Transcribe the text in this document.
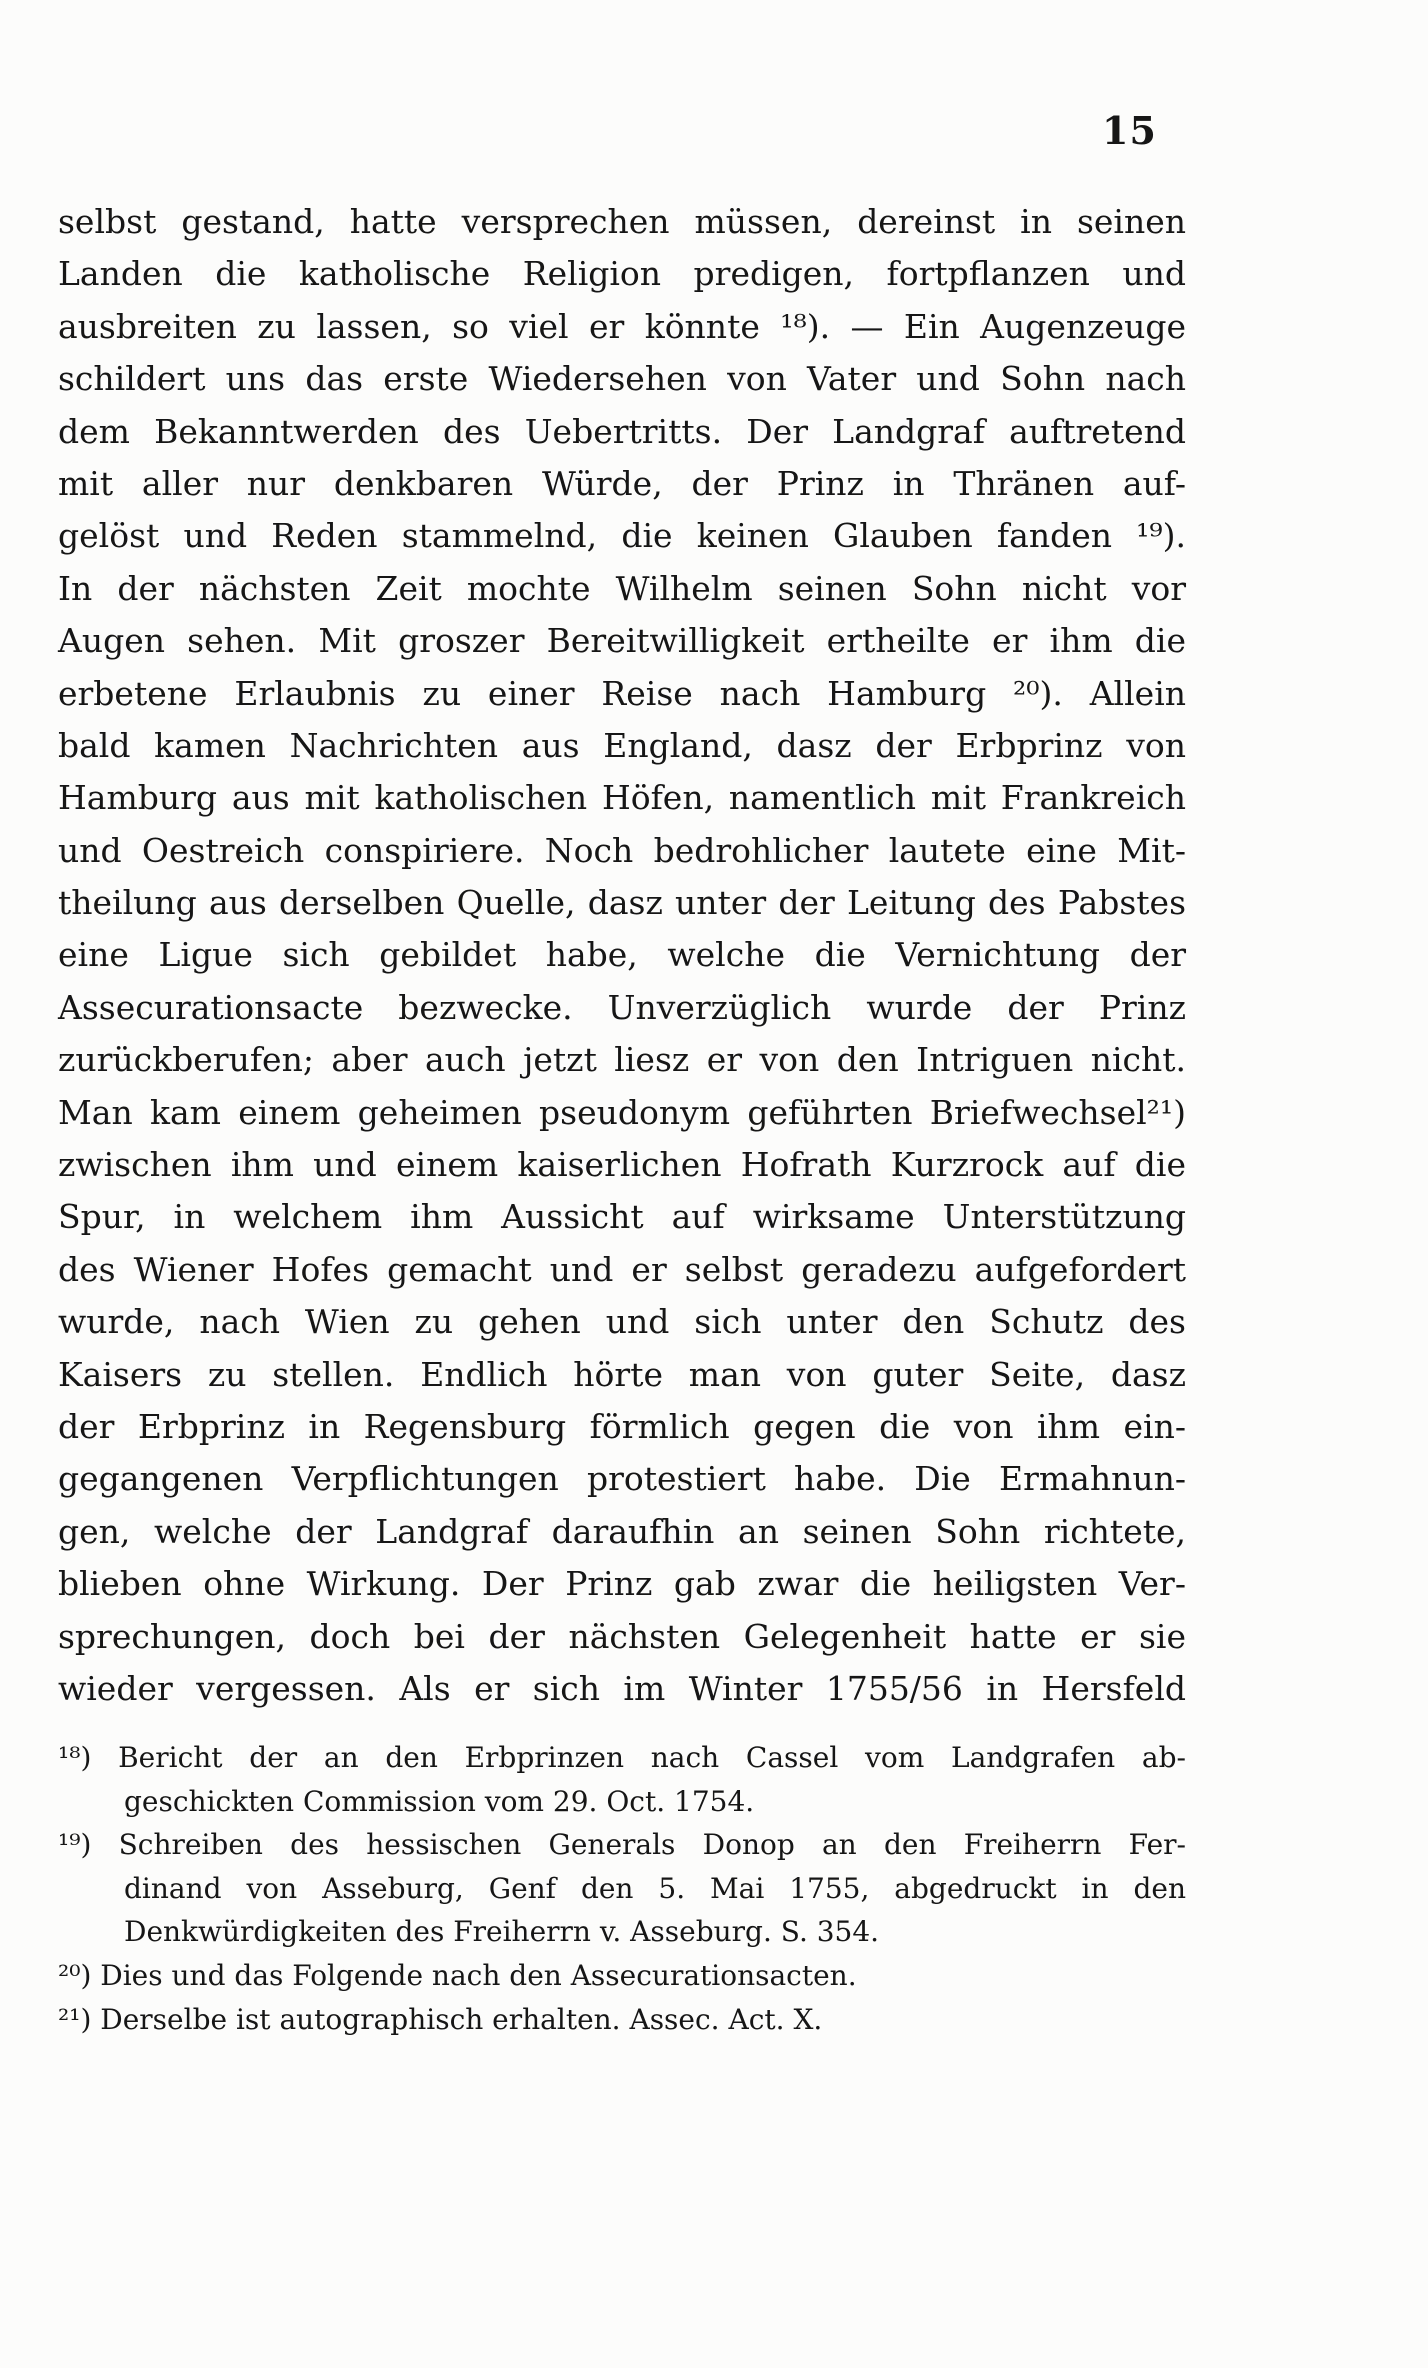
15
selbst gestand, hatte versprechen müssen, dereinst in seinen
Landen die katholische Religion predigen, fortpflanzen und
ausbreiten zu lassen, so viel er könnte ¹⁸). — Ein Augenzeuge
schildert uns das erste Wiedersehen von Vater und Sohn nach
dem Bekanntwerden des Uebertritts. Der Landgraf auftretend
mit aller nur denkbaren Würde, der Prinz in Thränen auf-
gelöst und Reden stammelnd, die keinen Glauben fanden ¹⁹).
In der nächsten Zeit mochte Wilhelm seinen Sohn nicht vor
Augen sehen. Mit groszer Bereitwilligkeit ertheilte er ihm die
erbetene Erlaubnis zu einer Reise nach Hamburg ²⁰). Allein
bald kamen Nachrichten aus England, dasz der Erbprinz von
Hamburg aus mit katholischen Höfen, namentlich mit Frankreich
und Oestreich conspiriere. Noch bedrohlicher lautete eine Mit-
theilung aus derselben Quelle, dasz unter der Leitung des Pabstes
eine Ligue sich gebildet habe, welche die Vernichtung der
Assecurationsacte bezwecke. Unverzüglich wurde der Prinz
zurückberufen; aber auch jetzt liesz er von den Intriguen nicht.
Man kam einem geheimen pseudonym geführten Briefwechsel²¹)
zwischen ihm und einem kaiserlichen Hofrath Kurzrock auf die
Spur, in welchem ihm Aussicht auf wirksame Unterstützung
des Wiener Hofes gemacht und er selbst geradezu aufgefordert
wurde, nach Wien zu gehen und sich unter den Schutz des
Kaisers zu stellen. Endlich hörte man von guter Seite, dasz
der Erbprinz in Regensburg förmlich gegen die von ihm ein-
gegangenen Verpflichtungen protestiert habe. Die Ermahnun-
gen, welche der Landgraf daraufhin an seinen Sohn richtete,
blieben ohne Wirkung. Der Prinz gab zwar die heiligsten Ver-
sprechungen, doch bei der nächsten Gelegenheit hatte er sie
wieder vergessen. Als er sich im Winter 1755/56 in Hersfeld
¹⁸) Bericht der an den Erbprinzen nach Cassel vom Landgrafen ab-
geschickten Commission vom 29. Oct. 1754.
¹⁹) Schreiben des hessischen Generals Donop an den Freiherrn Fer-
dinand von Asseburg, Genf den 5. Mai 1755, abgedruckt in den
Denkwürdigkeiten des Freiherrn v. Asseburg. S. 354.
²⁰) Dies und das Folgende nach den Assecurationsacten.
²¹) Derselbe ist autographisch erhalten. Assec. Act. X.
